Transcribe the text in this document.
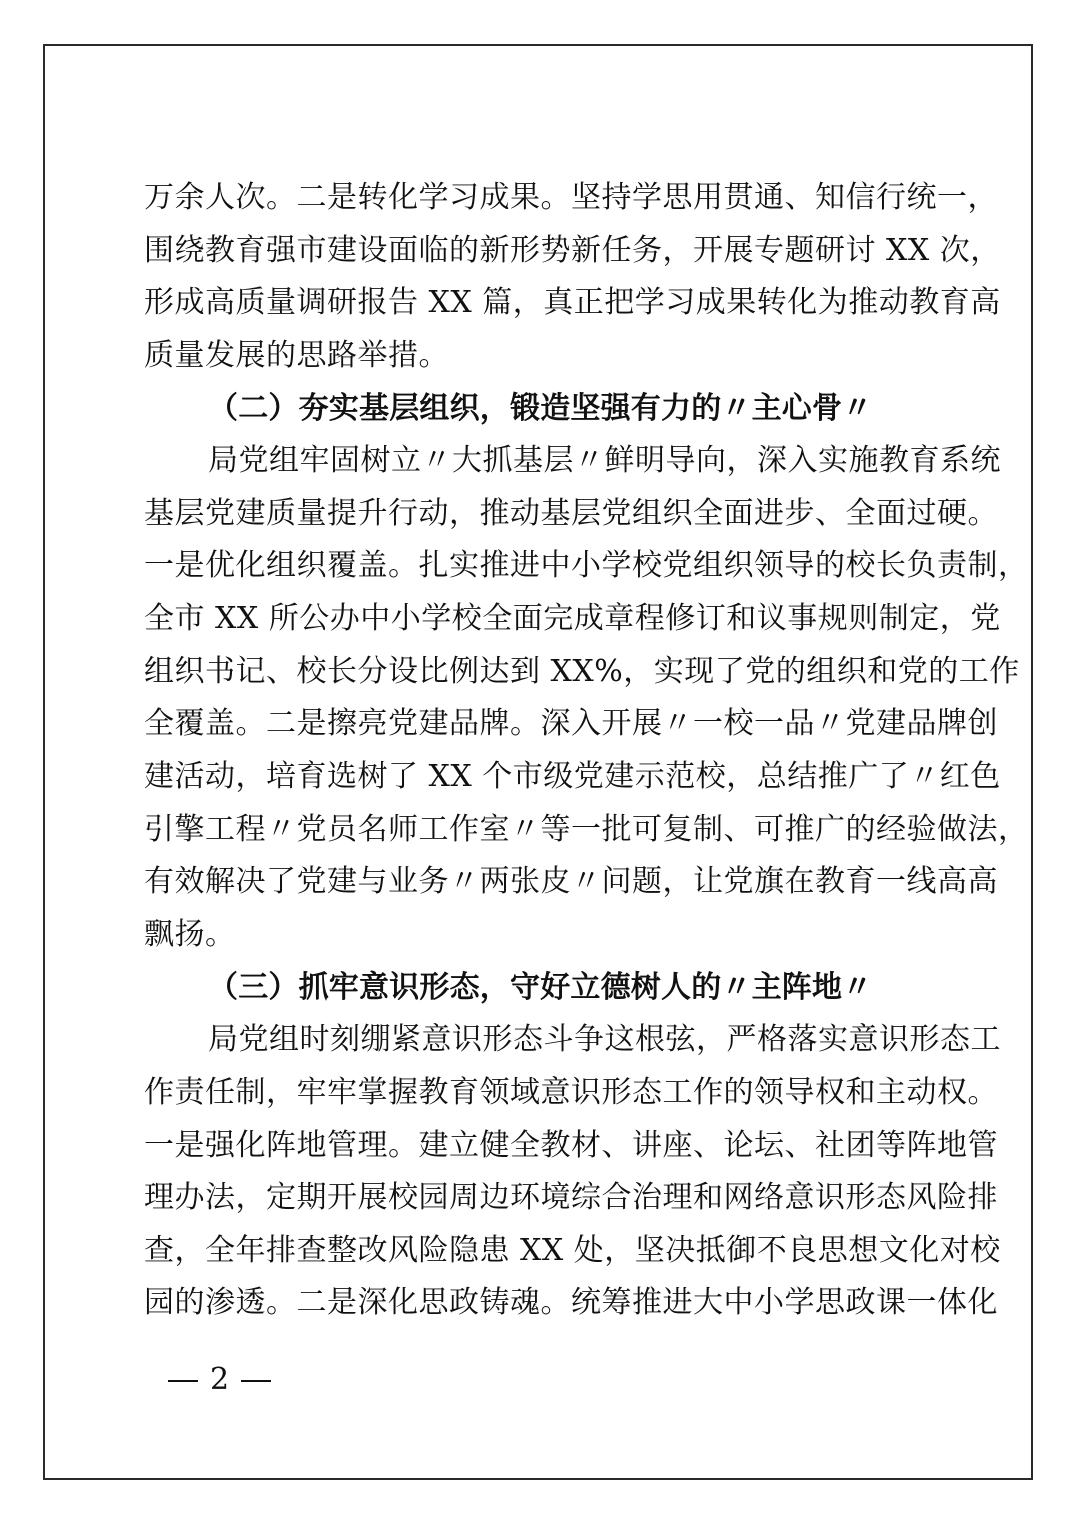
万余人次。二是转化学习成果。坚持学思用贯通、知信行统一，
围绕教育强市建设面临的新形势新任务，开展专题研讨 XX 次，
形成高质量调研报告 XX 篇，真正把学习成果转化为推动教育高
质量发展的思路举措。
（二）夯实基层组织，锻造坚强有力的〃主心骨〃
局党组牢固树立〃大抓基层〃鲜明导向，深入实施教育系统
基层党建质量提升行动，推动基层党组织全面进步、全面过硬。
一是优化组织覆盖。扎实推进中小学校党组织领导的校长负责制，
全市 XX 所公办中小学校全面完成章程修订和议事规则制定，党
组织书记、校长分设比例达到 XX%，实现了党的组织和党的工作
全覆盖。二是擦亮党建品牌。深入开展〃一校一品〃党建品牌创
建活动，培育选树了 XX 个市级党建示范校，总结推广了〃红色
引擎工程〃党员名师工作室〃等一批可复制、可推广的经验做法，
有效解决了党建与业务〃两张皮〃问题，让党旗在教育一线高高
飘扬。
（三）抓牢意识形态，守好立德树人的〃主阵地〃
局党组时刻绷紧意识形态斗争这根弦，严格落实意识形态工
作责任制，牢牢掌握教育领域意识形态工作的领导权和主动权。
一是强化阵地管理。建立健全教材、讲座、论坛、社团等阵地管
理办法，定期开展校园周边环境综合治理和网络意识形态风险排
查，全年排查整改风险隐患 XX 处，坚决抵御不良思想文化对校
园的渗透。二是深化思政铸魂。统筹推进大中小学思政课一体化
2
